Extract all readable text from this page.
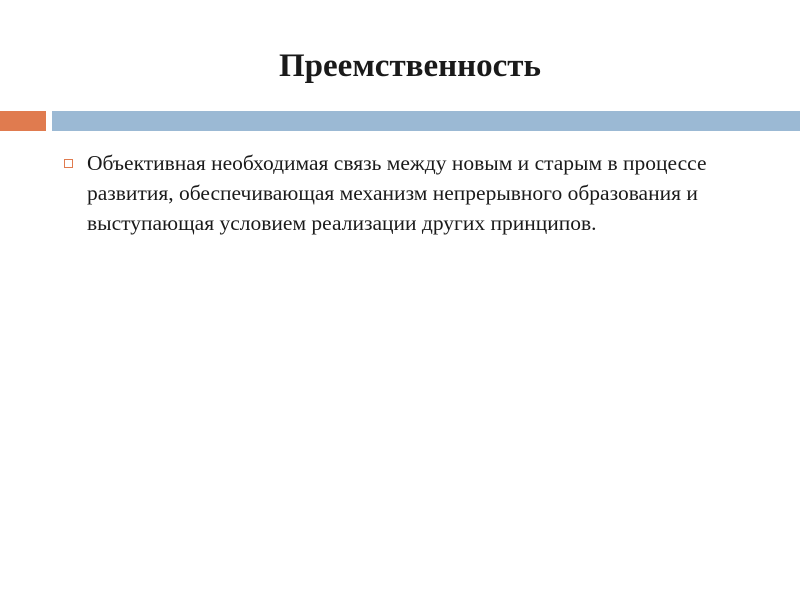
Преемственность

Объективная необходимая связь между новым и старым в процессе развития, обеспечивающая механизм непрерывного образования и выступающая условием реализации других принципов.
